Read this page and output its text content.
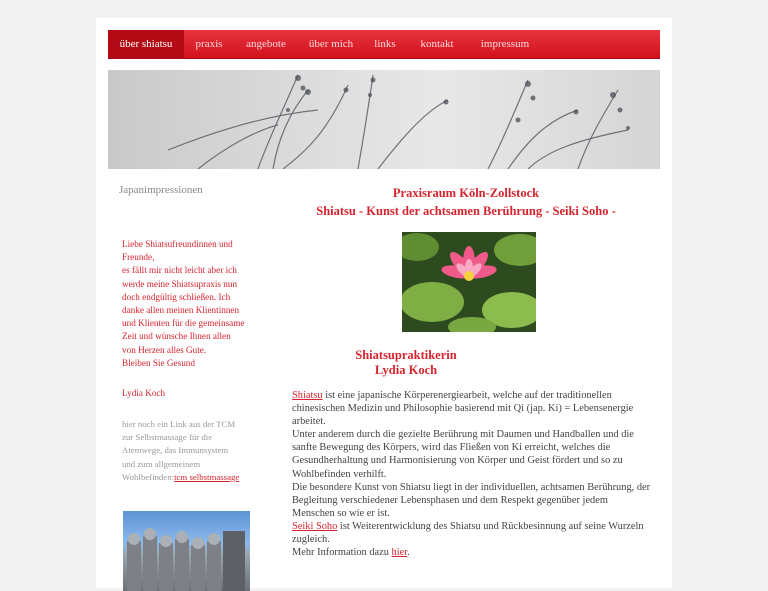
über shiatsu	praxis	angebote	über mich	links	kontakt	impressum
Japanimpressionen

Liebe Shiatsufreundinnen und

Freunde,

es fällt mir nicht leicht aber ich

werde meine Shiatsupraxis nun

doch endgültig schließen. Ich

danke allen meinen Klientinnen

und Klienten für die gemeinsame

Zeit und wünsche Ihnen allen

von Herzen alles Gute.

Bleiben Sie Gesund

Lydia Koch
hier noch ein Link aus der TCM
zur Selbstmassage für die
Atemwege, das Immunsystem
und zum allgemeinem
Wohlbefinden:tcm selbstmassage
Praxisraum Köln-Zollstock
Shiatsu - Kunst der achtsamen Berührung - Seiki Soho -
Shiatsupraktikerin
Lydia Koch

Shiatsu ist eine japanische Körperenergiearbeit, welche auf der traditionellen chinesischen Medizin und Philosophie basierend mit Qi (jap. Ki) = Lebensenergie arbeitet.

Unter anderem durch die gezielte Berührung mit Daumen und Handballen und die sanfte Bewegung des Körpers, wird das Fließen von Ki erreicht, welches die Gesundherhaltung und Harmonisierung von Körper und Geist fördert und so zu Wohlbefinden verhilft.

Die besondere Kunst von Shiatsu liegt in der individuellen, achtsamen Berührung, der Begleitung verschiedener Lebensphasen und dem Respekt gegenüber jedem Menschen so wie er ist.

Seiki Soho ist Weiterentwicklung des Shiatsu und Rückbesinnung auf seine Wurzeln zugleich.

Mehr Information dazu hier.
